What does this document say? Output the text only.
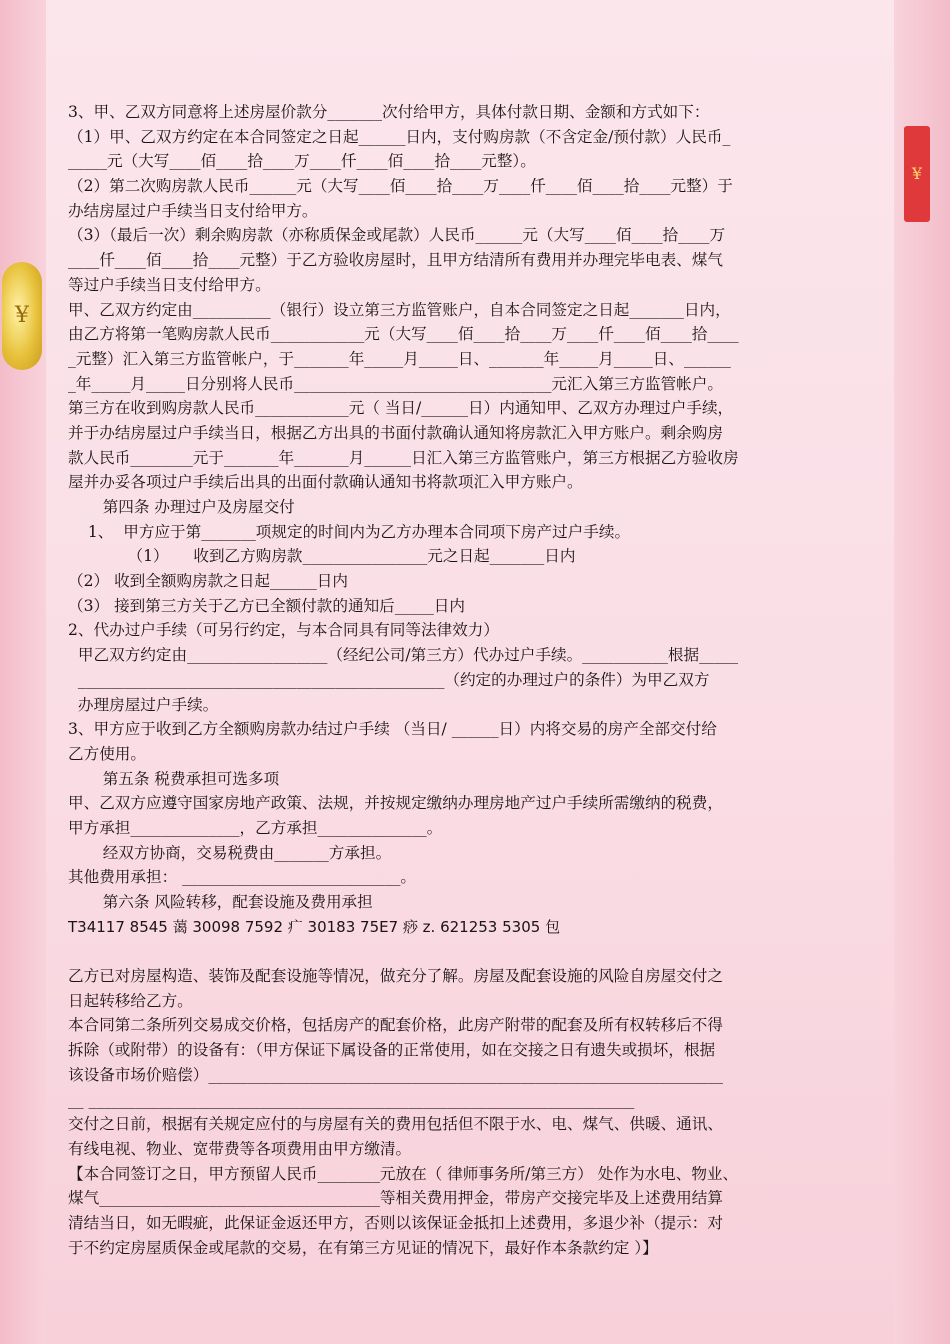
¥
¥
3、甲、乙双方同意将上述房屋价款分_______次付给甲方，具体付款日期、金额和方式如下：
（1）甲、乙双方约定在本合同签定之日起______日内，支付购房款（不含定金/预付款）人民币_
_____元（大写____佰____拾____万____仟____佰____拾____元整）。
（2）第二次购房款人民币______元（大写____佰____拾____万____仟____佰____拾____元整）于
办结房屋过户手续当日支付给甲方。
（3）（最后一次）剩余购房款（亦称质保金或尾款）人民币______元（大写____佰____拾____万
____仟____佰____拾____元整）于乙方验收房屋时，且甲方结清所有费用并办理完毕电表、煤气
等过户手续当日支付给甲方。
甲、乙双方约定由__________（银行）设立第三方监管账户，自本合同签定之日起_______日内，
由乙方将第一笔购房款人民币____________元（大写____佰____拾____万____仟____佰____拾____
_元整）汇入第三方监管帐户，于_______年_____月_____日、_______年_____月_____日、______
_年_____月_____日分别将人民币_________________________________元汇入第三方监管帐户。
第三方在收到购房款人民币____________元（ 当日/______日）内通知甲、乙双方办理过户手续，
并于办结房屋过户手续当日，根据乙方出具的书面付款确认通知将房款汇入甲方账户。剩余购房
款人民币________元于_______年_______月______日汇入第三方监管账户，第三方根据乙方验收房
屋并办妥各项过户手续后出具的出面付款确认通知书将款项汇入甲方账户。
第四条 办理过户及房屋交付
1、  甲方应于第_______项规定的时间内为乙方办理本合同项下房产过户手续。
（1）     收到乙方购房款________________元之日起_______日内
（2） 收到全额购房款之日起______日内
（3） 接到第三方关于乙方已全额付款的通知后_____日内
2、代办过户手续（可另行约定，与本合同具有同等法律效力）
甲乙双方约定由__________________（经纪公司/第三方）代办过户手续。___________根据_____
_______________________________________________（约定的办理过户的条件）为甲乙双方
办理房屋过户手续。
3、甲方应于收到乙方全额购房款办结过户手续 （当日/ ______日）内将交易的房产全部交付给
乙方使用。
第五条 税费承担可选多项
甲、乙双方应遵守国家房地产政策、法规，并按规定缴纳办理房地产过户手续所需缴纳的税费，
甲方承担______________，乙方承担______________。
经双方协商，交易税费由_______方承担。
其他费用承担： ____________________________。
第六条 风险转移，配套设施及费用承担
T34117 8545 蔼 30098 7592 疒 30183 75E7 痧 z. 621253 5305 包
乙方已对房屋构造、装饰及配套设施等情况，做充分了解。房屋及配套设施的风险自房屋交付之
日起转移给乙方。
本合同第二条所列交易成交价格，包括房产的配套价格，此房产附带的配套及所有权转移后不得
拆除（或附带）的设备有：（甲方保证下属设备的正常使用，如在交接之日有遗失或损坏，根据
该设备市场价赔偿）__________________________________________________________________
__ ______________________________________________________________________
交付之日前，根据有关规定应付的与房屋有关的费用包括但不限于水、电、煤气、供暖、通讯、
有线电视、物业、宽带费等各项费用由甲方缴清。
【本合同签订之日，甲方预留人民币________元放在（ 律师事务所/第三方） 处作为水电、物业、
煤气____________________________________等相关费用押金，带房产交接完毕及上述费用结算
清结当日，如无暇疵，此保证金返还甲方，否则以该保证金抵扣上述费用，多退少补（提示：对
于不约定房屋质保金或尾款的交易，在有第三方见证的情况下，最好作本条款约定 ）】
